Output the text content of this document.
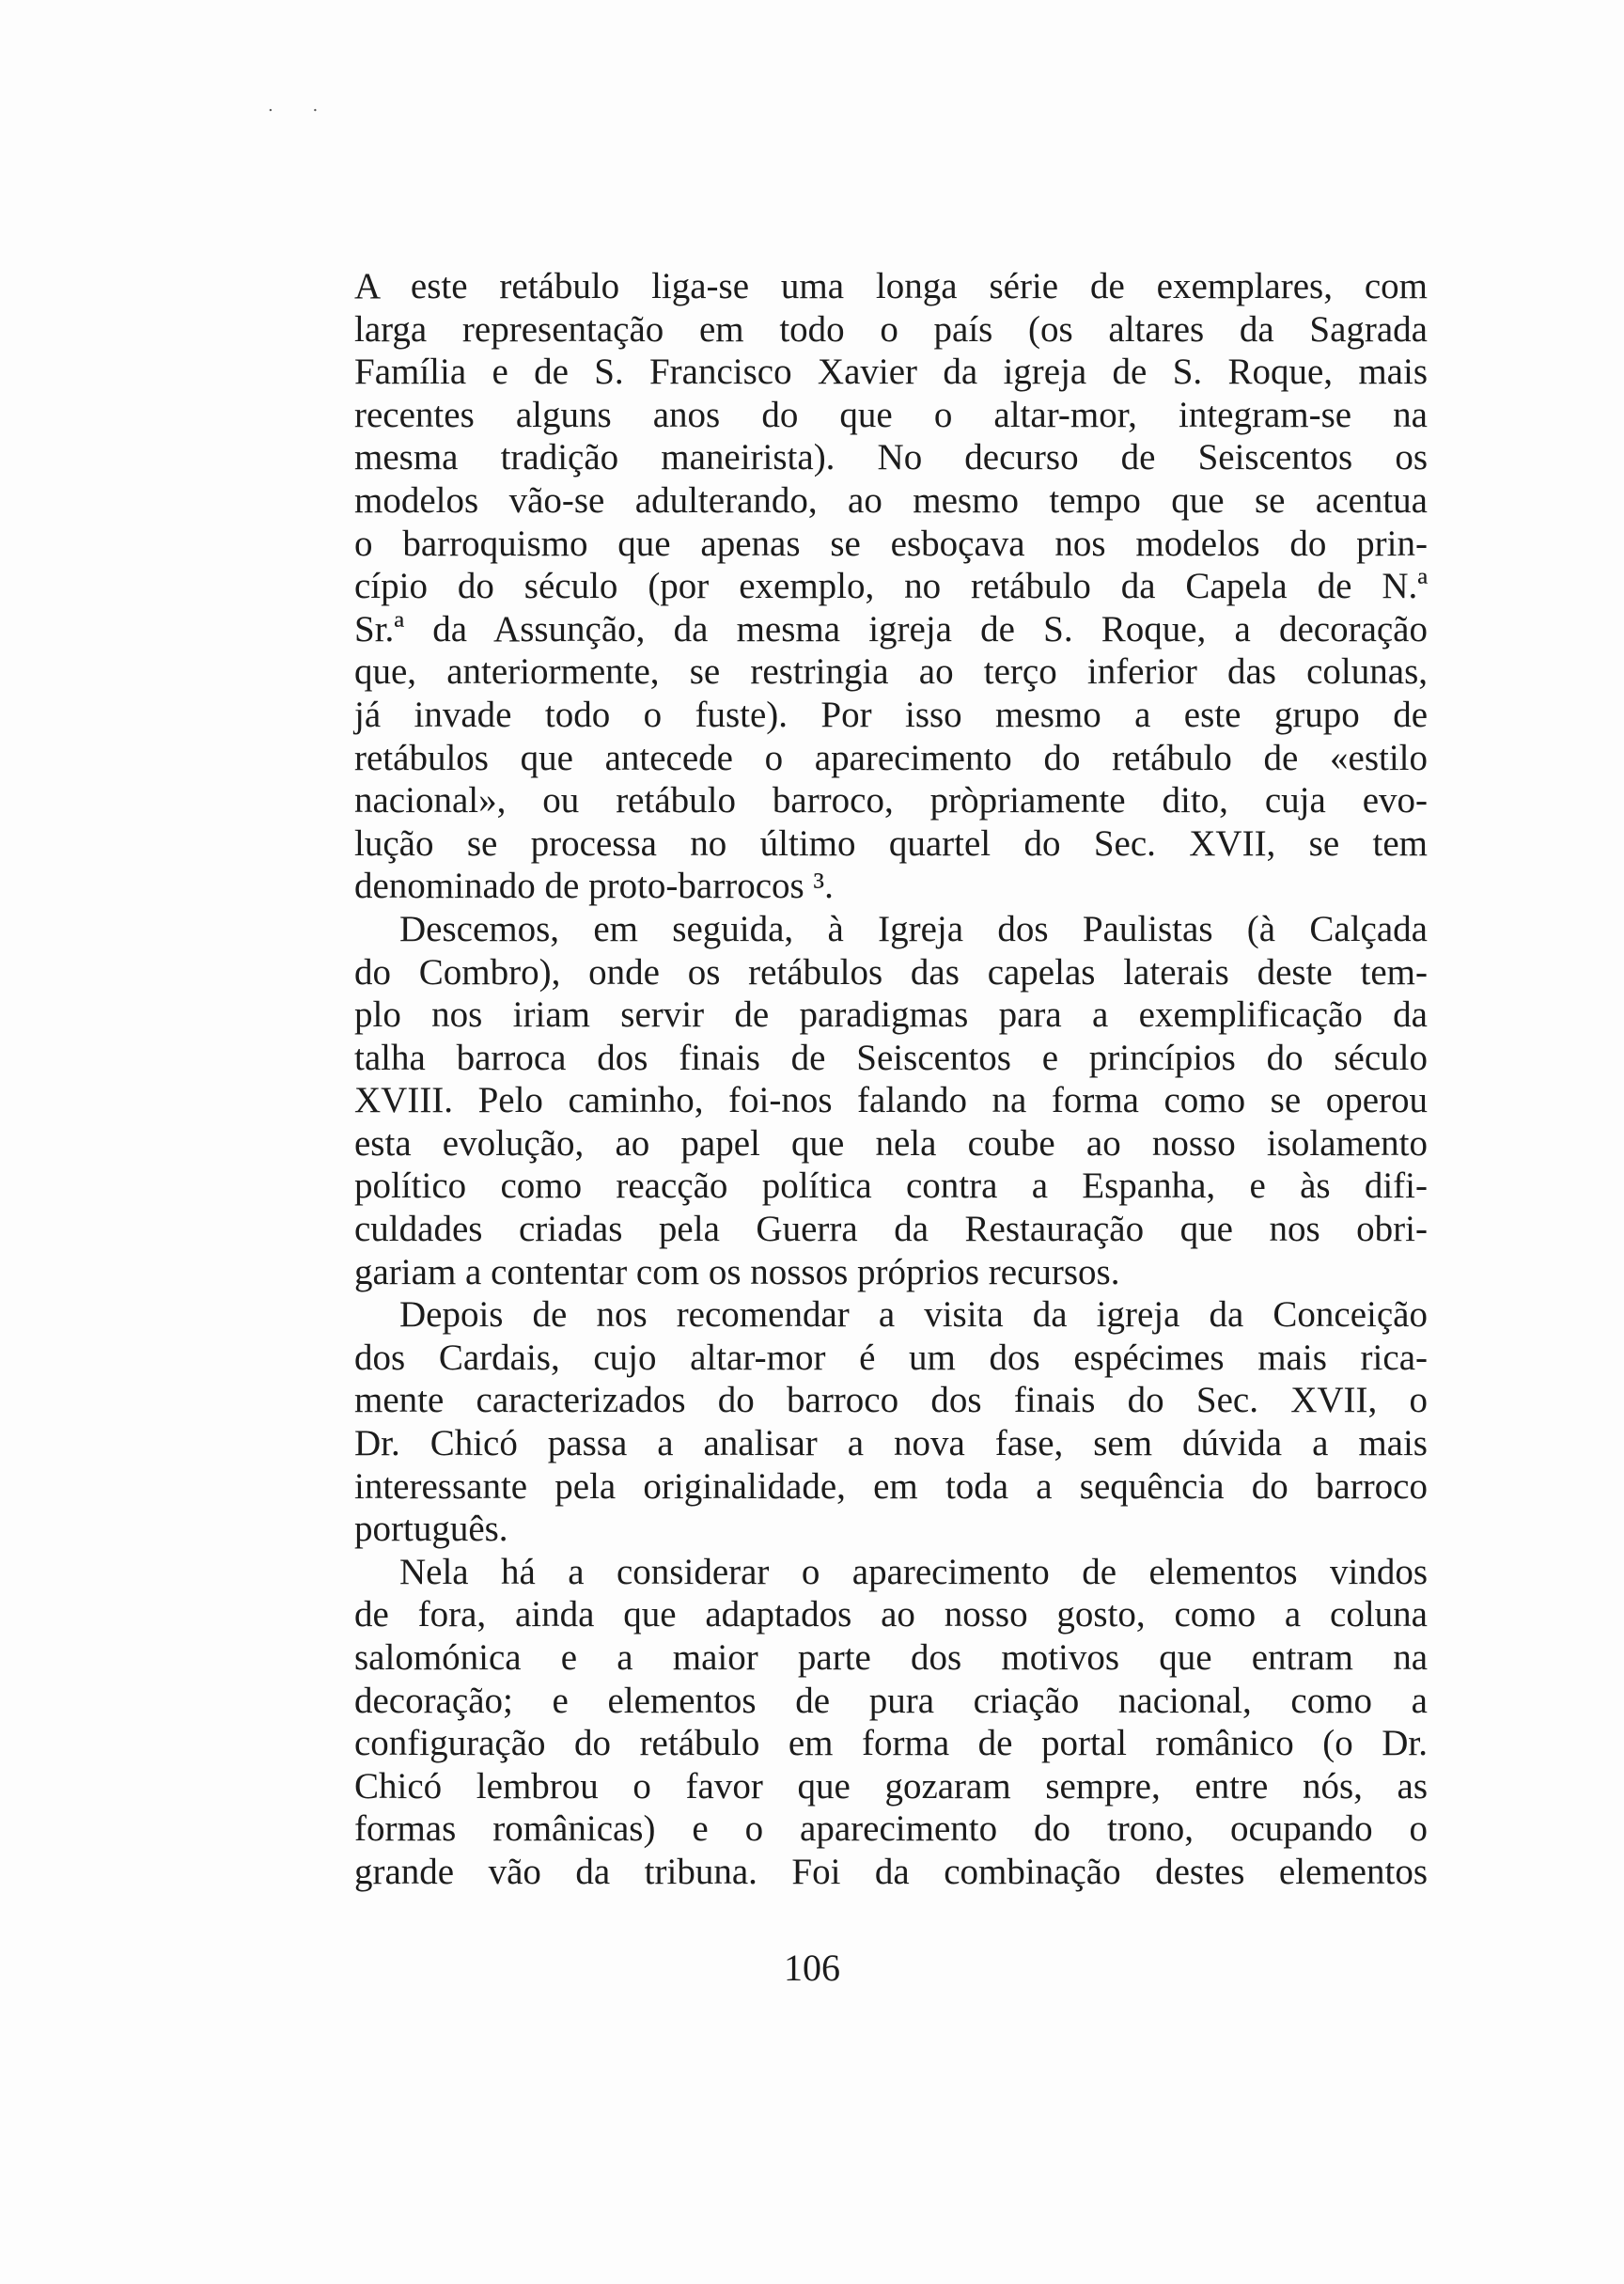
. .

A este retábulo liga-se uma longa série de exemplares, com
larga representação em todo o país (os altares da Sagrada
Família e de S. Francisco Xavier da igreja de S. Roque, mais
recentes alguns anos do que o altar-mor, integram-se na
mesma tradição maneirista). No decurso de Seiscentos os
modelos vão-se adulterando, ao mesmo tempo que se acentua
o barroquismo que apenas se esboçava nos modelos do prin-
cípio do século (por exemplo, no retábulo da Capela de N.ª
Sr.ª da Assunção, da mesma igreja de S. Roque, a decoração
que, anteriormente, se restringia ao terço inferior das colunas,
já invade todo o fuste). Por isso mesmo a este grupo de
retábulos que antecede o aparecimento do retábulo de «estilo
nacional», ou retábulo barroco, pròpriamente dito, cuja evo-
lução se processa no último quartel do Sec. XVII, se tem
denominado de proto-barrocos ³.

Descemos, em seguida, à Igreja dos Paulistas (à Calçada
do Combro), onde os retábulos das capelas laterais deste tem-
plo nos iriam servir de paradigmas para a exemplificação da
talha barroca dos finais de Seiscentos e princípios do século
XVIII. Pelo caminho, foi-nos falando na forma como se operou
esta evolução, ao papel que nela coube ao nosso isolamento
político como reacção política contra a Espanha, e às difi-
culdades criadas pela Guerra da Restauração que nos obri-
gariam a contentar com os nossos próprios recursos.

Depois de nos recomendar a visita da igreja da Conceição
dos Cardais, cujo altar-mor é um dos espécimes mais rica-
mente caracterizados do barroco dos finais do Sec. XVII, o
Dr. Chicó passa a analisar a nova fase, sem dúvida a mais
interessante pela originalidade, em toda a sequência do barroco
português.

Nela há a considerar o aparecimento de elementos vindos
de fora, ainda que adaptados ao nosso gosto, como a coluna
salomónica e a maior parte dos motivos que entram na
decoração; e elementos de pura criação nacional, como a
configuração do retábulo em forma de portal românico (o Dr.
Chicó lembrou o favor que gozaram sempre, entre nós, as
formas românicas) e o aparecimento do trono, ocupando o
grande vão da tribuna. Foi da combinação destes elementos

106
